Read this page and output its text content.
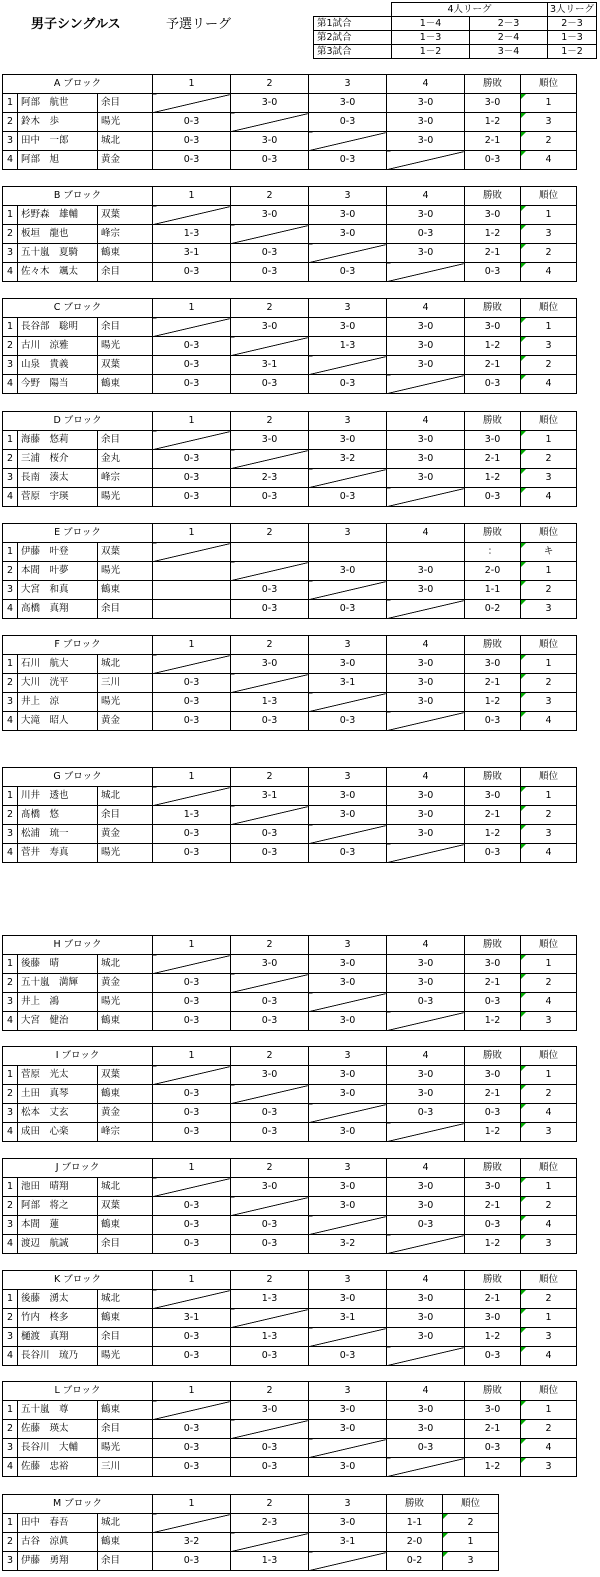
男子シングルス	予選リーグ
	4人リーグ		3人リーグ
第1試合	1－4	2－3	2－3
第2試合	1－3	2－4	1－3
第3試合	1－2	3－4	1－2
A ブロック			1	2	3	4	勝敗	順位
1	阿部　航世	余目		3-0	3-0	3-0	3-0	1
2	鈴木　歩	暘光	0-3		0-3	3-0	1-2	3
3	田中　一郎	城北	0-3	3-0		3-0	2-1	2
4	阿部　旭	黄金	0-3	0-3	0-3		0-3	4
B ブロック			1	2	3	4	勝敗	順位
1	杉野森　雄輔	双葉		3-0	3-0	3-0	3-0	1
2	板垣　龍也	峰宗	1-3		3-0	0-3	1-2	3
3	五十嵐　夏騎	鶴東	3-1	0-3		3-0	2-1	2
4	佐々木　颯太	余目	0-3	0-3	0-3		0-3	4
C ブロック			1	2	3	4	勝敗	順位
1	長谷部　聡明	余目		3-0	3-0	3-0	3-0	1
2	古川　涼雅	暘光	0-3		1-3	3-0	1-2	3
3	山泉　貴義	双葉	0-3	3-1		3-0	2-1	2
4	今野　陽当	鶴東	0-3	0-3	0-3		0-3	4
D ブロック			1	2	3	4	勝敗	順位
1	海藤　悠莉	余目		3-0	3-0	3-0	3-0	1
2	三浦　桜介	金丸	0-3		3-2	3-0	2-1	2
3	長南　湊太	峰宗	0-3	2-3		3-0	1-2	3
4	菅原　宇瑛	暘光	0-3	0-3	0-3		0-3	4
E ブロック			1	2	3	4	勝敗	順位
1	伊藤　叶登	双葉					：	キ
2	本間　叶夢	暘光			3-0	3-0	2-0	1
3	大宮　和真	鶴東		0-3		3-0	1-1	2
4	高橋　真翔	余目		0-3	0-3		0-2	3
F ブロック			1	2	3	4	勝敗	順位
1	石川　航大	城北		3-0	3-0	3-0	3-0	1
2	大川　洸平	三川	0-3		3-1	3-0	2-1	2
3	井上　涼	暘光	0-3	1-3		3-0	1-2	3
4	大滝　昭人	黄金	0-3	0-3	0-3		0-3	4
G ブロック			1	2	3	4	勝敗	順位
1	川井　透也	城北		3-1	3-0	3-0	3-0	1
2	髙橋　悠	余目	1-3		3-0	3-0	2-1	2
3	松浦　琉一	黄金	0-3	0-3		3-0	1-2	3
4	菅井　寿真	暘光	0-3	0-3	0-3		0-3	4
H ブロック			1	2	3	4	勝敗	順位
1	後藤　晴	城北		3-0	3-0	3-0	3-0	1
2	五十嵐　満輝	黄金	0-3		3-0	3-0	2-1	2
3	井上　鴻	暘光	0-3	0-3		0-3	0-3	4
4	大宮　健治	鶴東	0-3	0-3	3-0		1-2	3
I ブロック			1	2	3	4	勝敗	順位
1	菅原　光太	双葉		3-0	3-0	3-0	3-0	1
2	土田　真琴	鶴東	0-3		3-0	3-0	2-1	2
3	松本　丈玄	黄金	0-3	0-3		0-3	0-3	4
4	成田　心楽	峰宗	0-3	0-3	3-0		1-2	3
J ブロック			1	2	3	4	勝敗	順位
1	池田　晴翔	城北		3-0	3-0	3-0	3-0	1
2	阿部　将之	双葉	0-3		3-0	3-0	2-1	2
3	本間　蓮	鶴東	0-3	0-3		0-3	0-3	4
4	渡辺　航誠	余目	0-3	0-3	3-2		1-2	3
K ブロック			1	2	3	4	勝敗	順位
1	後藤　湧太	城北		1-3	3-0	3-0	2-1	2
2	竹内　柊多	鶴東	3-1		3-1	3-0	3-0	1
3	樋渡　真翔	余目	0-3	1-3		3-0	1-2	3
4	長谷川　琉乃	暘光	0-3	0-3	0-3		0-3	4
L ブロック			1	2	3	4	勝敗	順位
1	五十嵐　尊	鶴東		3-0	3-0	3-0	3-0	1
2	佐藤　瑛太	余目	0-3		3-0	3-0	2-1	2
3	長谷川　大輔	暘光	0-3	0-3		0-3	0-3	4
4	佐藤　忠裕	三川	0-3	0-3	3-0		1-2	3
M ブロック			1	2	3	勝敗	順位
1	田中　春吾	城北		2-3	3-0	1-1	2
2	古谷　涼眞	鶴東	3-2		3-1	2-0	1
3	伊藤　勇翔	余目	0-3	1-3		0-2	3
